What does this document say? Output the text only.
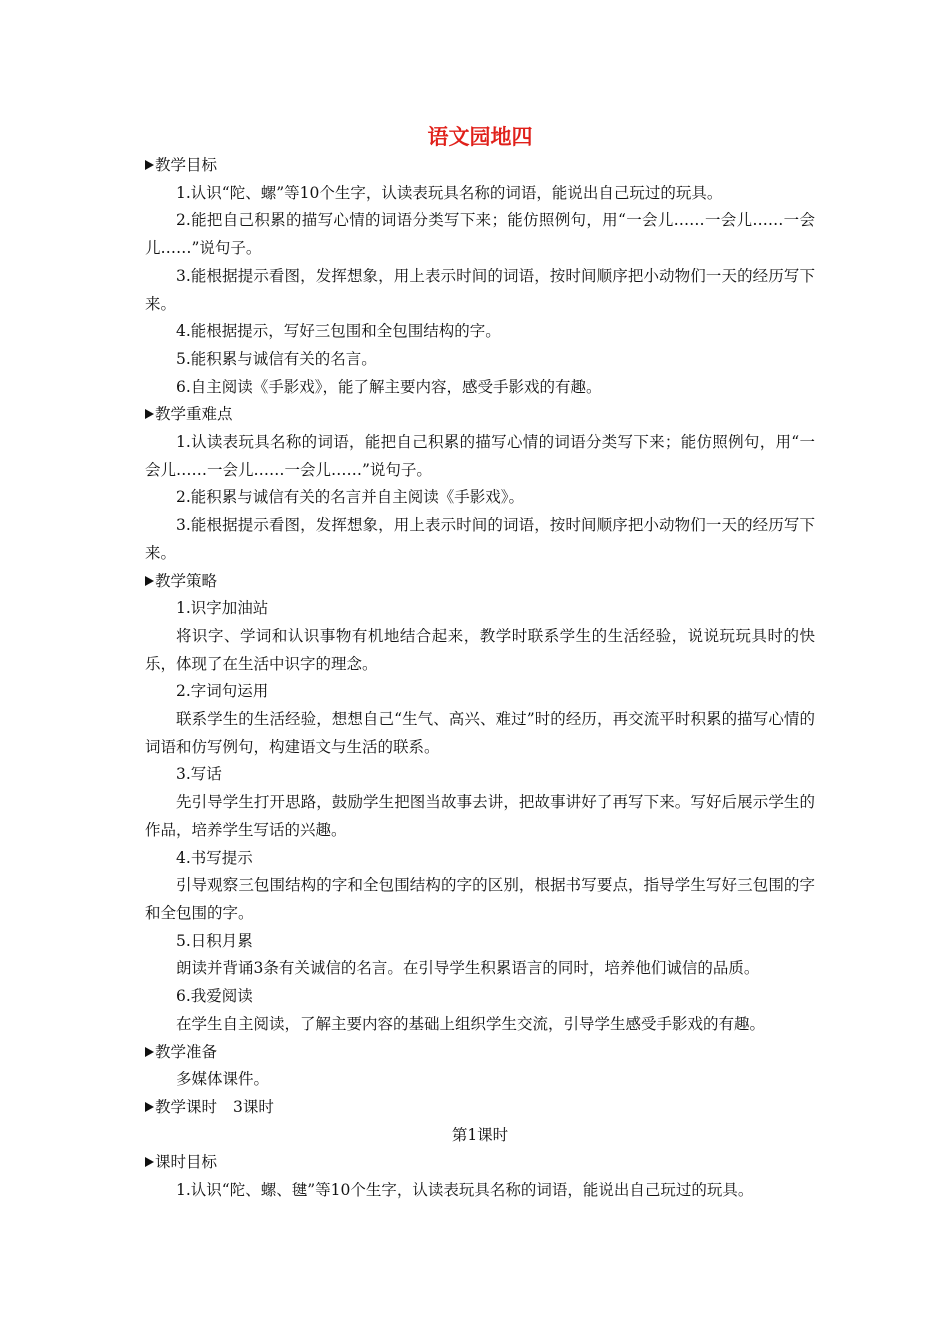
语文园地四
教学目标
1.认识“陀、螺”等10个生字，认读表玩具名称的词语，能说出自己玩过的玩具。
2.能把自己积累的描写心情的词语分类写下来；能仿照例句，用“一会儿……一会儿……一会儿……”说句子。
3.能根据提示看图，发挥想象，用上表示时间的词语，按时间顺序把小动物们一天的经历写下来。
4.能根据提示，写好三包围和全包围结构的字。
5.能积累与诚信有关的名言。
6.自主阅读《手影戏》，能了解主要内容，感受手影戏的有趣。
教学重难点
1.认读表玩具名称的词语，能把自己积累的描写心情的词语分类写下来；能仿照例句，用“一会儿……一会儿……一会儿……”说句子。
2.能积累与诚信有关的名言并自主阅读《手影戏》。
3.能根据提示看图，发挥想象，用上表示时间的词语，按时间顺序把小动物们一天的经历写下来。
教学策略
1.识字加油站
将识字、学词和认识事物有机地结合起来，教学时联系学生的生活经验，说说玩玩具时的快乐，体现了在生活中识字的理念。
2.字词句运用
联系学生的生活经验，想想自己“生气、高兴、难过”时的经历，再交流平时积累的描写心情的词语和仿写例句，构建语文与生活的联系。
3.写话
先引导学生打开思路，鼓励学生把图当故事去讲，把故事讲好了再写下来。写好后展示学生的作品，培养学生写话的兴趣。
4.书写提示
引导观察三包围结构的字和全包围结构的字的区别，根据书写要点，指导学生写好三包围的字和全包围的字。
5.日积月累
朗读并背诵3条有关诚信的名言。在引导学生积累语言的同时，培养他们诚信的品质。
6.我爱阅读
在学生自主阅读，了解主要内容的基础上组织学生交流，引导学生感受手影戏的有趣。
教学准备
多媒体课件。
教学课时 3课时
第1课时
课时目标
1.认识“陀、螺、毽”等10个生字，认读表玩具名称的词语，能说出自己玩过的玩具。
